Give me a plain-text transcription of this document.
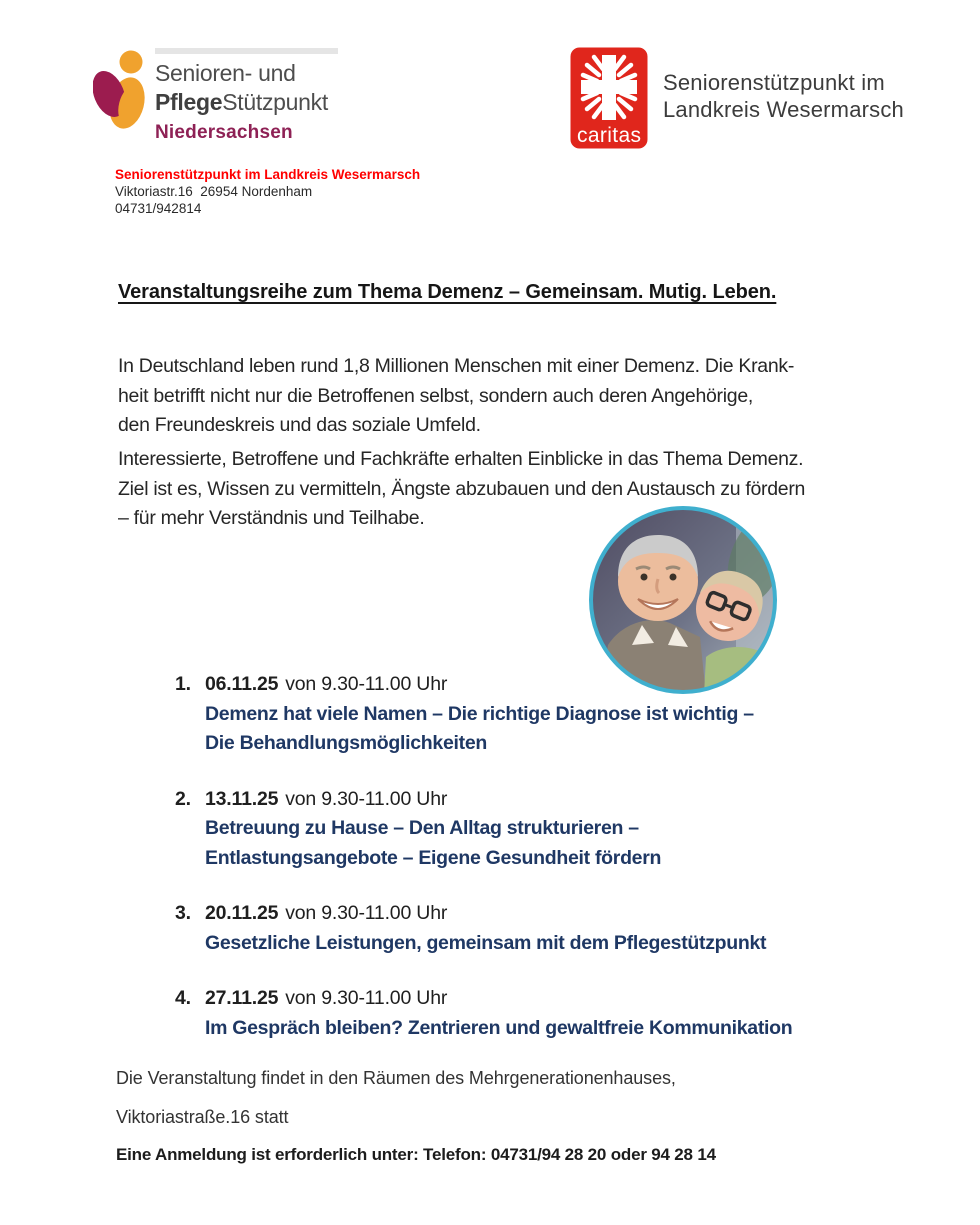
Senioren- und
PflegeStützpunkt
Niedersachsen	caritas
Seniorenstützpunkt im
Landkreis Wesermarsch
Seniorenstützpunkt im Landkreis Wesermarsch
Viktoriastr.16  26954 Nordenham
04731/942814
Veranstaltungsreihe zum Thema Demenz – Gemeinsam. Mutig. Leben.
In Deutschland leben rund 1,8 Millionen Menschen mit einer Demenz. Die Krank-
heit betrifft nicht nur die Betroffenen selbst, sondern auch deren Angehörige,
den Freundeskreis und das soziale Umfeld.
Interessierte, Betroffene und Fachkräfte erhalten Einblicke in das Thema Demenz.
Ziel ist es, Wissen zu vermitteln, Ängste abzubauen und den Austausch zu fördern
– für mehr Verständnis und Teilhabe.
1. 06.11.25 von 9.30-11.00 Uhr
Demenz hat viele Namen – Die richtige Diagnose ist wichtig –
Die Behandlungsmöglichkeiten
2. 13.11.25 von 9.30-11.00 Uhr
Betreuung zu Hause – Den Alltag strukturieren –
Entlastungsangebote – Eigene Gesundheit fördern
3. 20.11.25 von 9.30-11.00 Uhr
Gesetzliche Leistungen, gemeinsam mit dem Pflegestützpunkt
4. 27.11.25 von 9.30-11.00 Uhr
Im Gespräch bleiben? Zentrieren und gewaltfreie Kommunikation
Die Veranstaltung findet in den Räumen des Mehrgenerationenhauses,
Viktoriastraße.16 statt
Eine Anmeldung ist erforderlich unter: Telefon: 04731/94 28 20 oder 94 28 14
